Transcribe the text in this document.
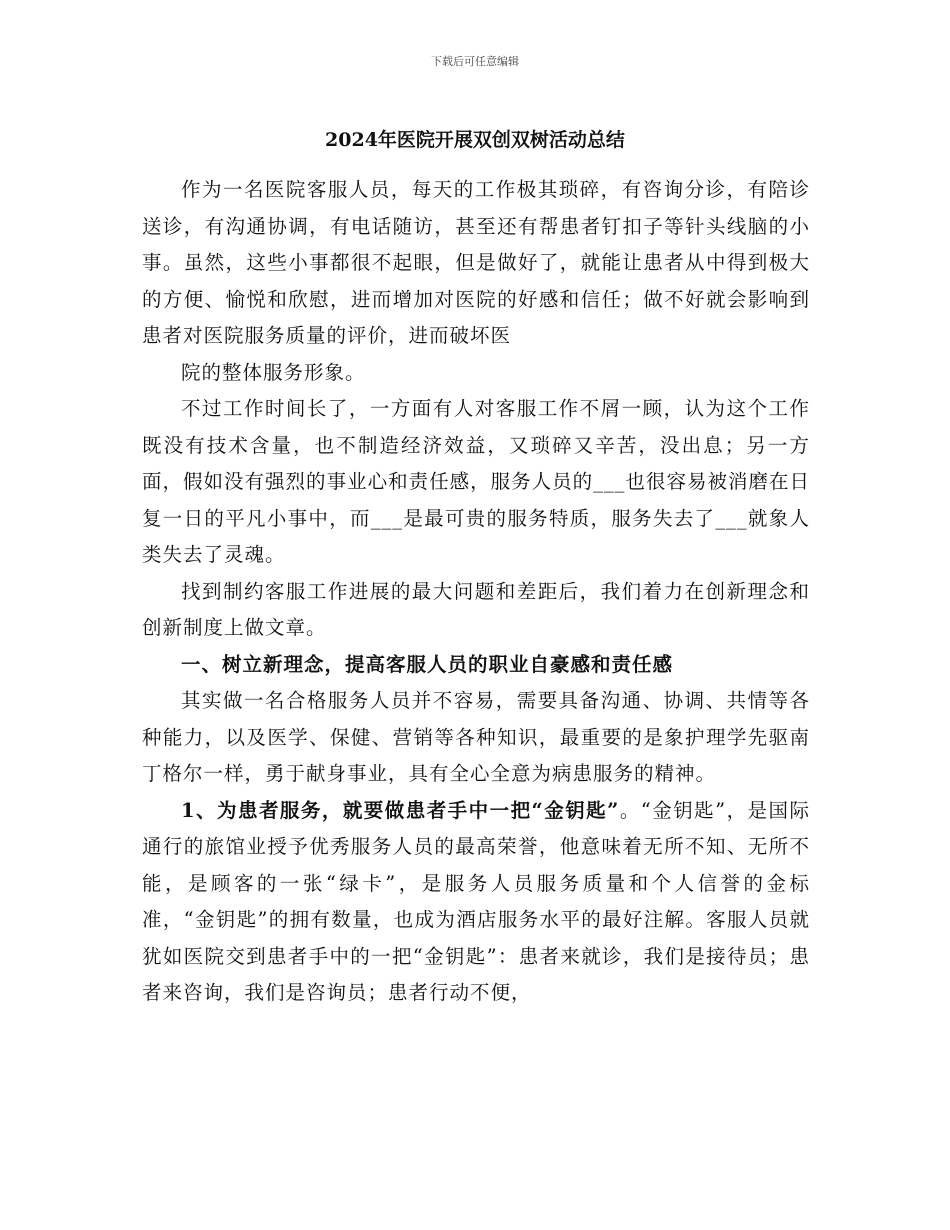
下载后可任意编辑
2024年医院开展双创双树活动总结

作为一名医院客服人员，每天的工作极其琐碎，有咨询分诊，有陪诊送诊，有沟通协调，有电话随访，甚至还有帮患者钉扣子等针头线脑的小事。虽然，这些小事都很不起眼，但是做好了，就能让患者从中得到极大的方便、愉悦和欣慰，进而增加对医院的好感和信任；做不好就会影响到患者对医院服务质量的评价，进而破坏医

院的整体服务形象。

不过工作时间长了，一方面有人对客服工作不屑一顾，认为这个工作既没有技术含量，也不制造经济效益，又琐碎又辛苦，没出息；另一方面，假如没有强烈的事业心和责任感，服务人员的___也很容易被消磨在日复一日的平凡小事中，而___是最可贵的服务特质，服务失去了___就象人类失去了灵魂。

找到制约客服工作进展的最大问题和差距后，我们着力在创新理念和创新制度上做文章。

一、树立新理念，提高客服人员的职业自豪感和责任感

其实做一名合格服务人员并不容易，需要具备沟通、协调、共情等各种能力，以及医学、保健、营销等各种知识，最重要的是象护理学先驱南丁格尔一样，勇于献身事业，具有全心全意为病患服务的精神。

1、为患者服务，就要做患者手中一把“金钥匙”。“金钥匙”，是国际通行的旅馆业授予优秀服务人员的最高荣誉，他意味着无所不知、无所不能，是顾客的一张“绿卡”，是服务人员服务质量和个人信誉的金标准，“金钥匙”的拥有数量，也成为酒店服务水平的最好注解。客服人员就犹如医院交到患者手中的一把“金钥匙”：患者来就诊，我们是接待员；患者来咨询，我们是咨询员；患者行动不便，
